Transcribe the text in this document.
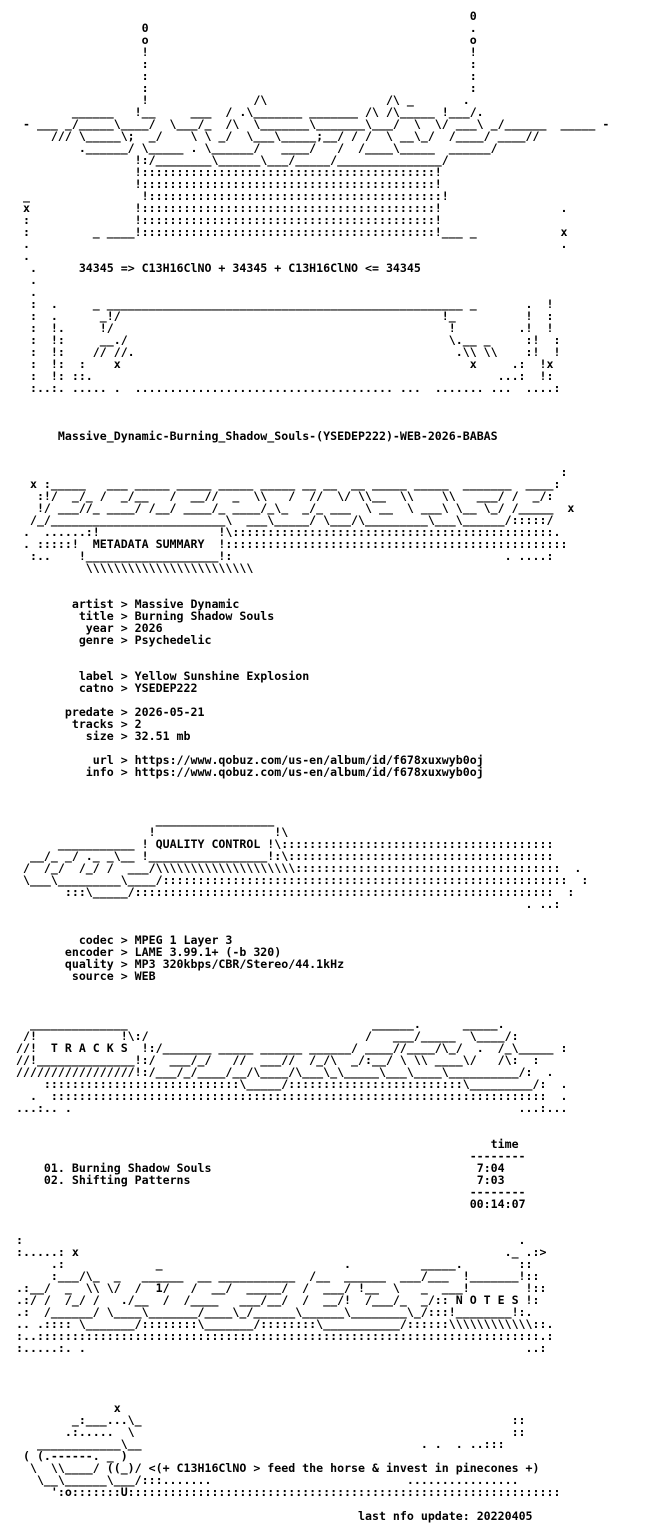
0
0                                              .
o                                              o
!                                              !
:                                              :
:                                              :
:                                              :
!               /\                 /\ _       .

______   !__     ___  / .\_______ _______ /\ /\_____ !___/.
- ___ _/_____\____/  \___/_  /\  \_______\_______\___/  \  \/ ___\ _/______  _____ -
/// \_____\;  _/    \ \ _/  \___\_____;__/ / /  \ __\_/  /____/ ____//
.______/ \_____ . \______/   ____/   /  /____\_____  ______/
!:/________\______\___/_____/_______________/
!::::::::::::::::::::::::::::::::::::::::::!
!::::::::::::::::::::::::::::::::::::::::::!
_                !::::::::::::::::::::::::::::::::::::::::::!
x               !::::::::::::::::::::::::::::::::::::::::::!                 .
:               !::::::::::::::::::::::::::::::::::::::::::!
:         _ ____!::::::::::::::::::::::::::::::::::::::::::!___ _            x
.                                                                            .
.

.      34345 => C13H16ClNO + 34345 + C13H16ClNO <= 34345

.
.
:  .     _ ___________________________________________________ _       .  !
:  .      _!/                                              !_          !  :
:  !.     !/                                                !         .!  !
:  !:     __./                                              \.__ _     :!  :
:  !:    // //.                                              .\\ \\    :!  !
:  !:  :    x                                                  x     .:  !x
:  !: ::.                                                          ...:  !:
:..:. ..... .  ..................................... ...  ....... ...  ....:

Massive_Dynamic-Burning_Shadow_Souls-(YSEDEP222)-WEB-2026-BABAS

:
x :_____   ___ _____ _____ _____ _____ __ __  __ _____ _____  _______  ____:
:!/  _/_ /  _/__   /  __//  _  \\   /  //  \/ \\__  \\    \\   ___/ /  _/:
!/ ___//_ ____/ /__/ ____/_ ____/_\_  _/_ ___  \ __  \ ___\ \__ \_/ /_____  x
/_/_________________________\  ___\_____/ \___/\_________\___\______/:::::/
.  ......:!                 !\::::::::::::::::::::::::::::::::::::::::::::::.

. :::::!  METADATA SUMMARY  !:::::::::::::::::::::::::::::::::::::::::::::::::

:..    !___________________!:                                       . ....:
\\\\\\\\\\\\\\\\\\\\\\\\

artist > Massive Dynamic
title > Burning Shadow Souls
year > 2026
genre > Psychedelic

label > Yellow Sunshine Explosion
catno > YSEDEP222

predate > 2026-05-21
tracks > 2
size > 32.51 mb

url > https://www.qobuz.com/us-en/album/id/f678xuxwyb0oj
info > https://www.qobuz.com/us-en/album/id/f678xuxwyb0oj

_________________
!                 !\

___________ ! QUALITY CONTROL !\:::::::::::::::::::::::::::::::::::::::

__/_ _/ ._ _\__ !_________________!:\::::::::::::::::::::::::::::::::::::::
/  /_/  /_/ /  ___/\\\\\\\\\\\\\\\\\\\\::::::::::::::::::::::::::::::::::::::  .
\___\_________\____/::::::::::::::::::::::::::::::::::::::::::::::::::::::::::  :
:::\_____/::::::::::::::::::::::::::::::::::::::::::::::::::::::::::::  :
. ..:

codec > MPEG 1 Layer 3
encoder > LAME 3.99.1+ (-b 320)
quality > MP3 320kbps/CBR/Stereo/44.1kHz
source > WEB

______________                                   ______.      _____.
/!            !\:/                               /   ___/_____  \____/:

//!  T R A C K S  !:/_______ _____ ______ ______/ ____//____/\_/  .  /_\_____ :

//!______________!:/  ___/_/   //  ___//  /_/\  _/:__/ \ \\ ____\/   /\:  :
/////////////////!:/___/_/____/__/\____/\___\_\_____\___\____\__________/:  .
::::::::::::::::::::::::::::\_____/:::::::::::::::::::::::::\_________/:  .
.  :::::::::::::::::::::::::::::::::::::::::::::::::::::::::::::::::::::::  .
...:.. .                                                                ...:...

time
--------
01. Burning Shadow Souls	7:04
02. Shifting Patterns	7:03
--------
00:14:07

:                                                                       .
:.....: x                                                             ._ .:>
.:             _                          .          _____.        ::
:___/\_  _   ______  __ ___________  /__  ______  ___/___  !_______!::
.:__/  _  \\ \/  /  1/   /  __/  _____/  /  ___/ !__  \   _  ___!        !::

.:/ /  /_/ /   ./__  /  /____   ___/__/  /  __/!  /___/_  _/:: N O T E S !:

.:  /______/ \____\_______/____\_/______\______\________\_/:::!________!:.
.. .:::: \_______/::::::::\_______/::::::::\___________/::::::\\\\\\\\\\\\::.
:..::::::::::::::::::::::::::::::::::::::::::::::::::::::::::::::::::::::::.:
:.....:. .                                                               ..:

x
_:___...\_                                                     ::
.:.....  \                                                      ::
____________\__                                        . .  . ..:::

( (.------. _ )
\  \\____/ ((_)/ <(+ C13H16ClNO > feed the horse & invest in pinecones +)

\__\______\___/:::.......                            ................
':o:::::::U::::::::::::::::::::::::::::::::::::::::::::::::::::::::::::::

last nfo update: 20220405
